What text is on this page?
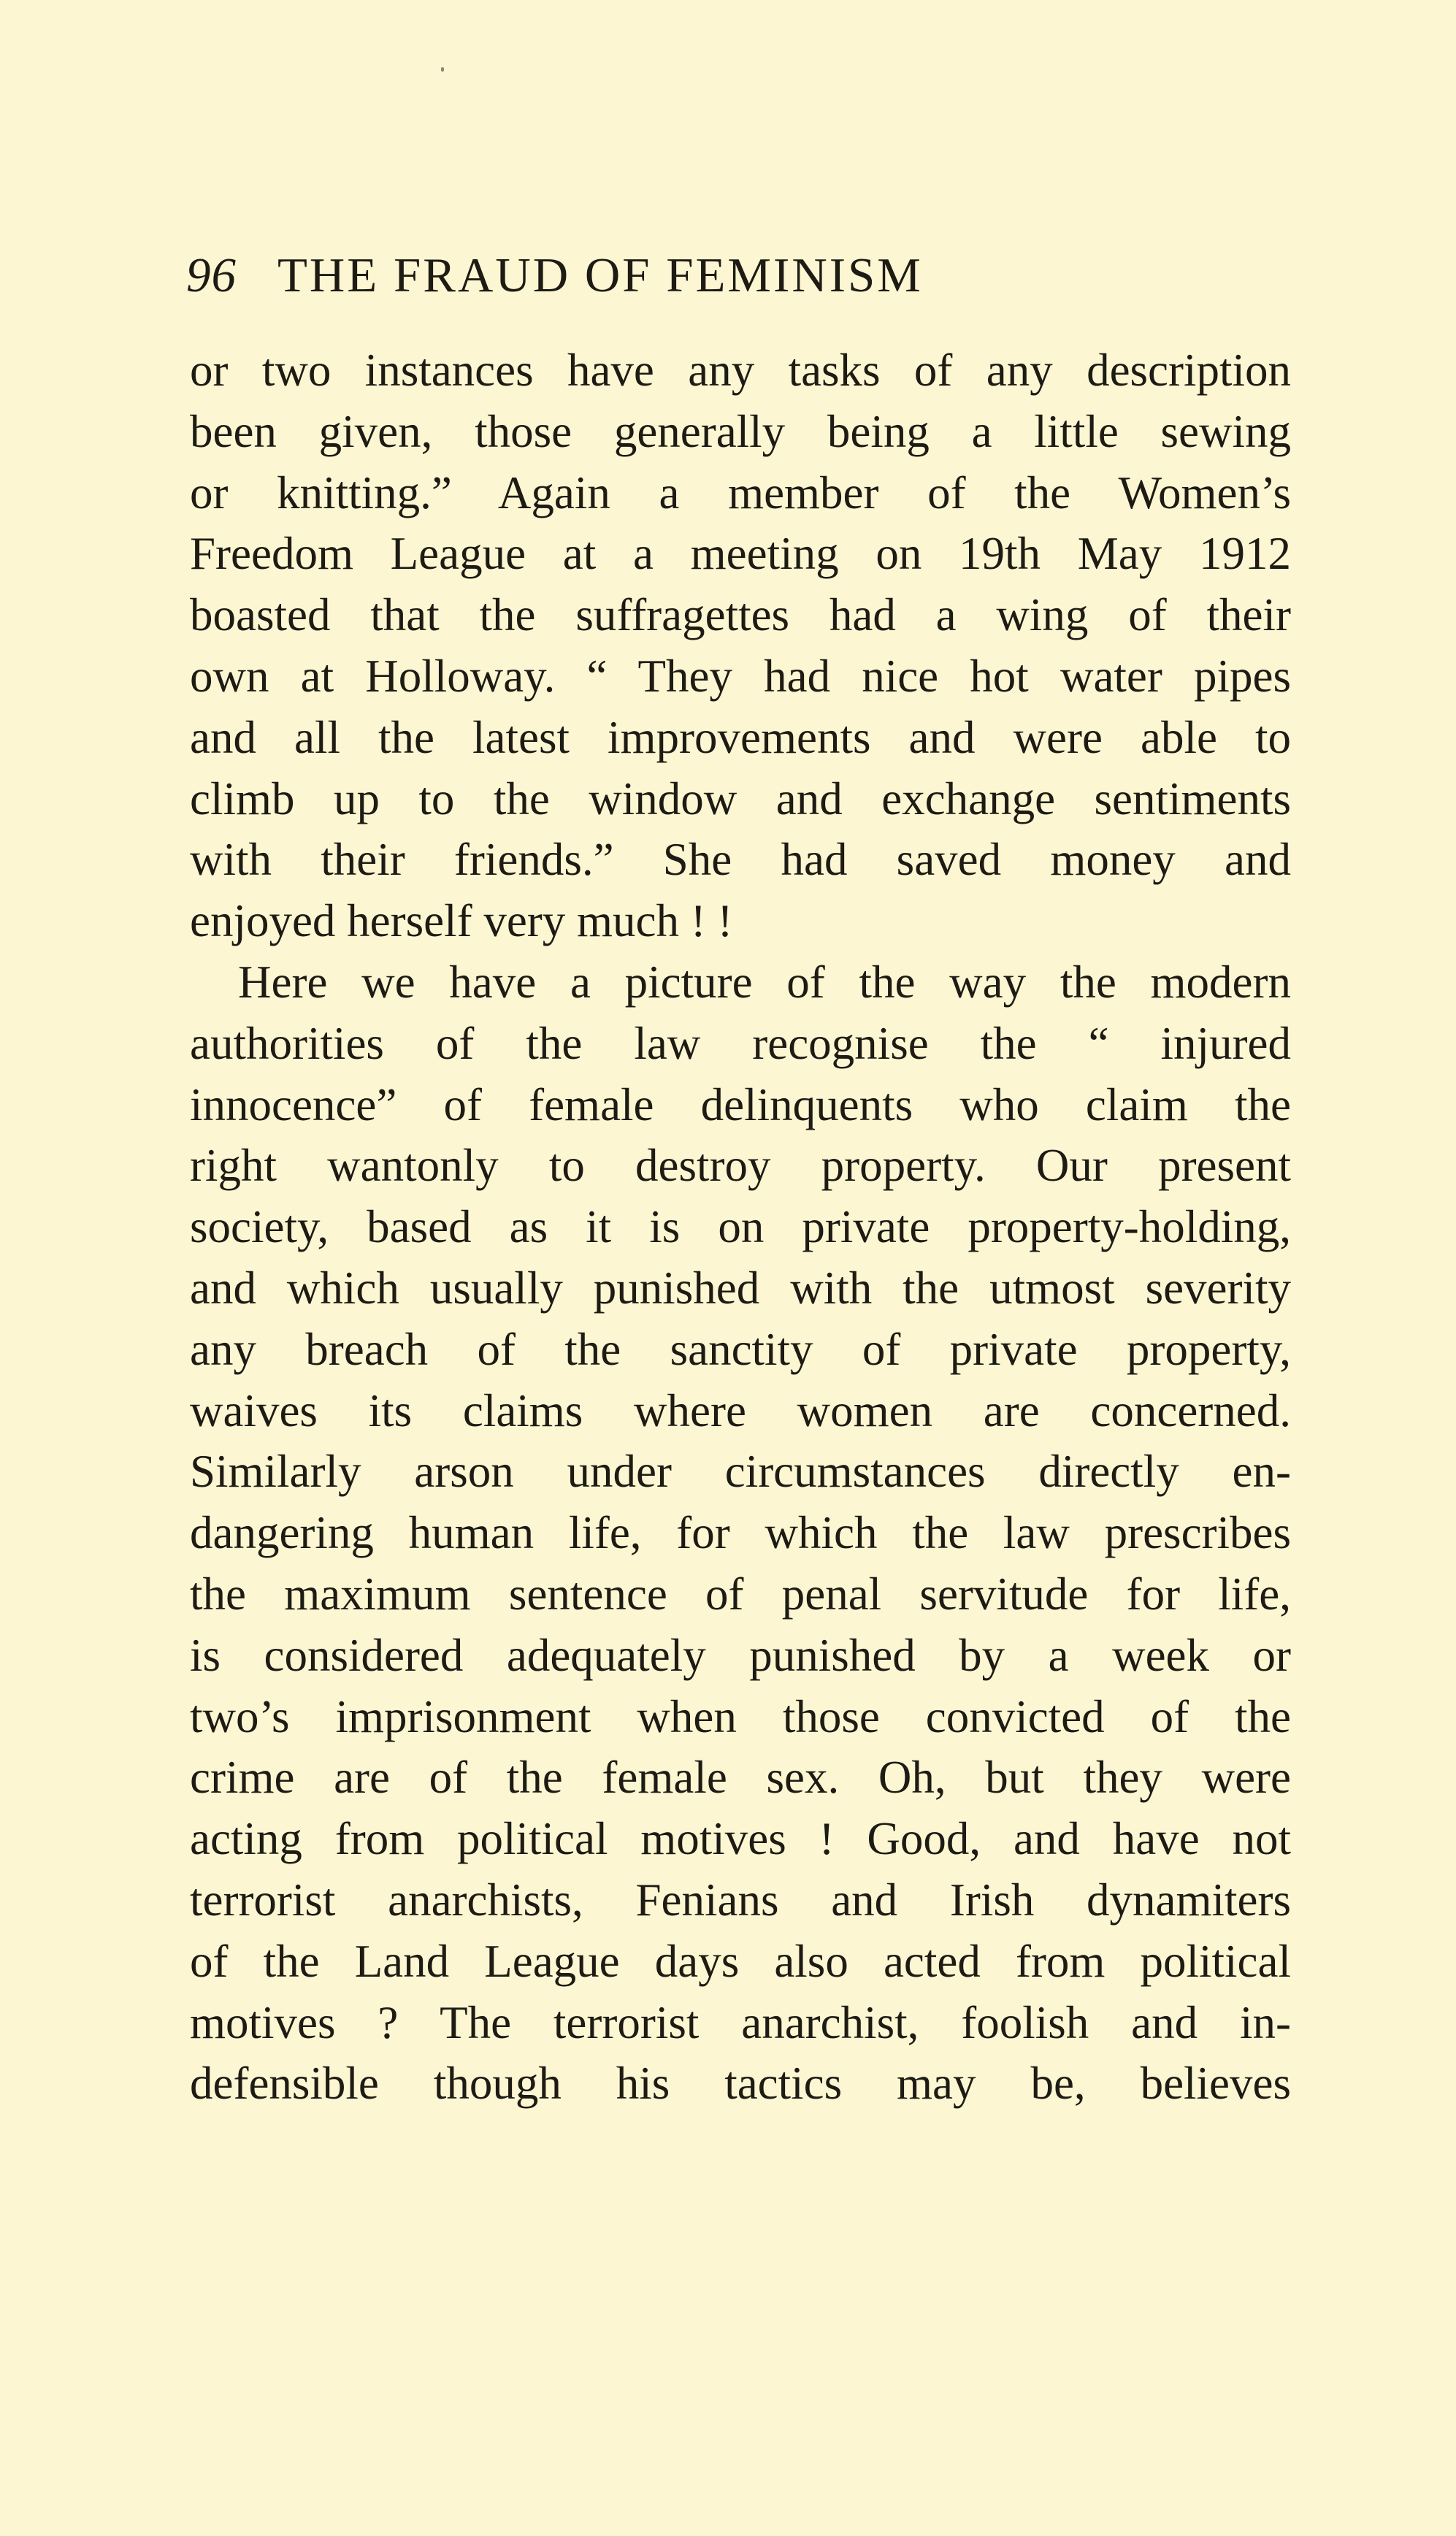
96 THE FRAUD OF FEMINISM
or two instances have any tasks of any description
been given, those generally being a little sewing
or knitting.” Again a member of the Women’s
Freedom League at a meeting on 19th May 1912
boasted that the suffragettes had a wing of their
own at Holloway. “ They had nice hot water pipes
and all the latest improvements and were able to
climb up to the window and exchange sentiments
with their friends.” She had saved money and
enjoyed herself very much ! !
Here we have a picture of the way the modern
authorities of the law recognise the “ injured
innocence” of female delinquents who claim the
right wantonly to destroy property. Our present
society, based as it is on private property-holding,
and which usually punished with the utmost severity
any breach of the sanctity of private property,
waives its claims where women are concerned.
Similarly arson under circumstances directly en-
dangering human life, for which the law prescribes
the maximum sentence of penal servitude for life,
is considered adequately punished by a week or
two’s imprisonment when those convicted of the
crime are of the female sex. Oh, but they were
acting from political motives ! Good, and have not
terrorist anarchists, Fenians and Irish dynamiters
of the Land League days also acted from political
motives ? The terrorist anarchist, foolish and in-
defensible though his tactics may be, believes
